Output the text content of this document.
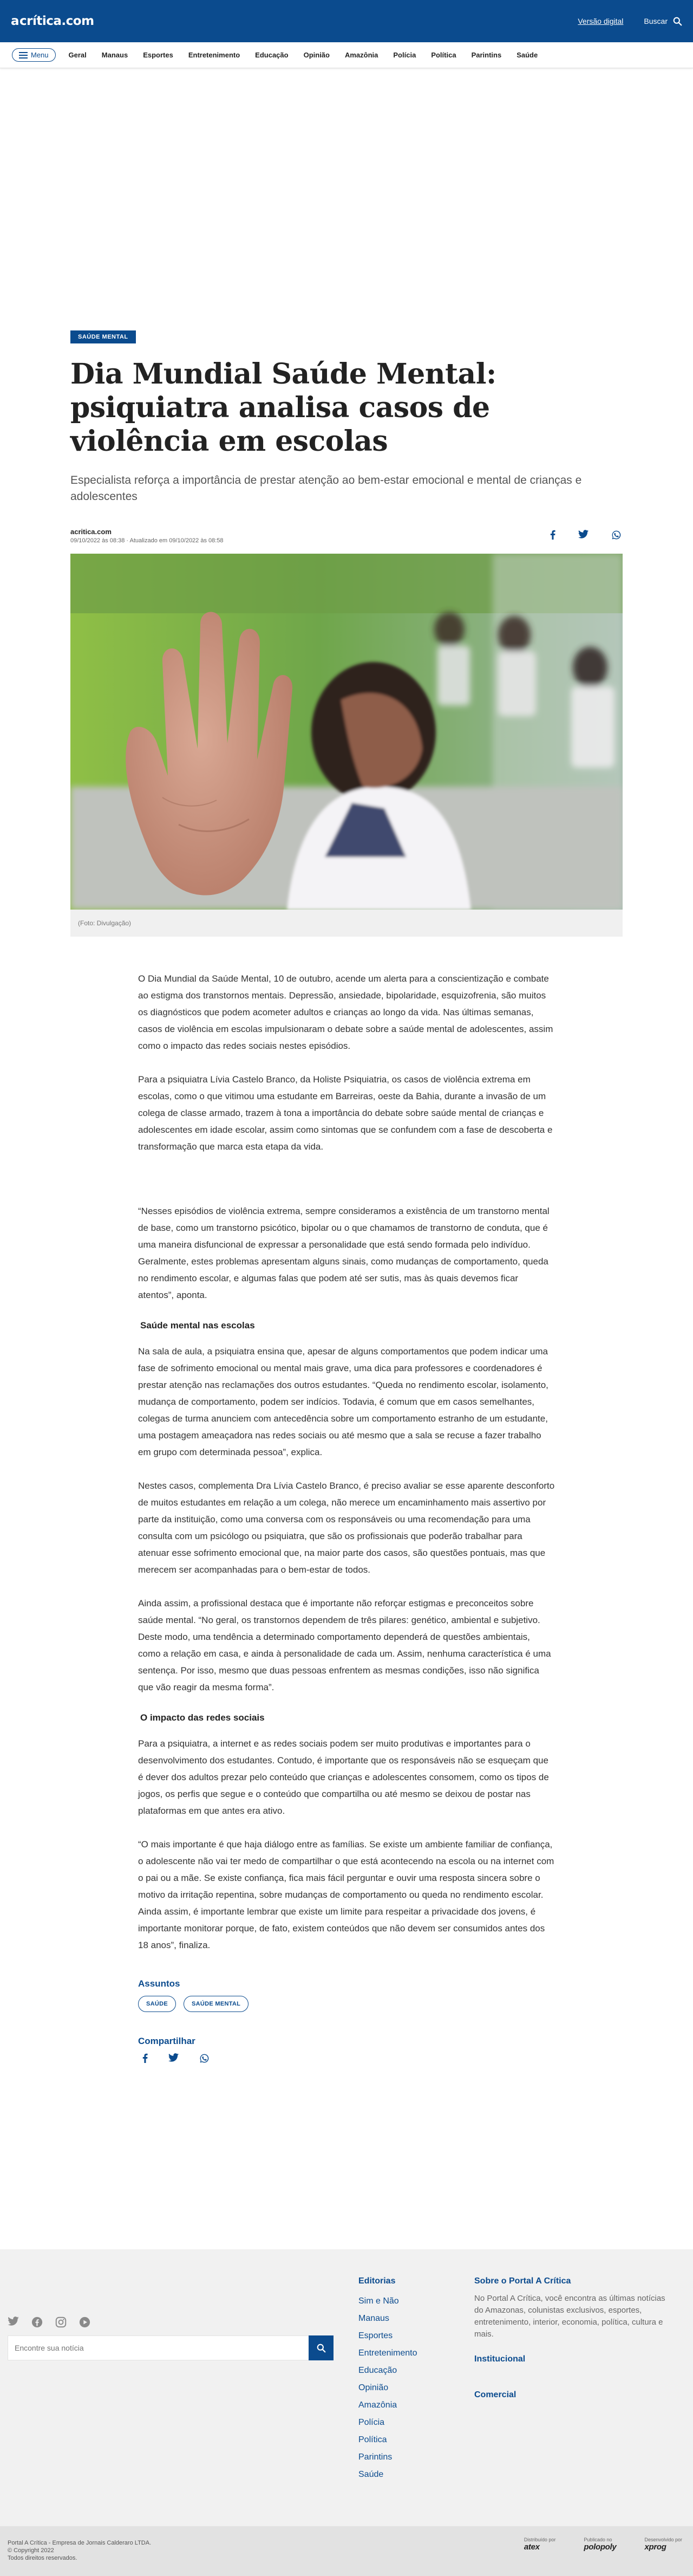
a crítica.com	Versão digital	Buscar
Menu	Geral	Manaus	Esportes	Entretenimento	Educação	Opinião	Amazônia	Polícia	Política	Parintins	Saúde
SAÚDE MENTAL
Dia Mundial Saúde Mental: psiquiatra analisa casos de violência em escolas

Especialista reforça a importância de prestar atenção ao bem-estar emocional e mental de crianças e adolescentes

acritica.com
09/10/2022 às 08:38 · Atualizado em 09/10/2022 às 08:58
(Foto: Divulgação)

O Dia Mundial da Saúde Mental, 10 de outubro, acende um alerta para a conscientização e combate ao estigma dos transtornos mentais. Depressão, ansiedade, bipolaridade, esquizofrenia, são muitos os diagnósticos que podem acometer adultos e crianças ao longo da vida. Nas últimas semanas, casos de violência em escolas impulsionaram o debate sobre a saúde mental de adolescentes, assim como o impacto das redes sociais nestes episódios.

Para a psiquiatra Lívia Castelo Branco, da Holiste Psiquiatria, os casos de violência extrema em escolas, como o que vitimou uma estudante em Barreiras, oeste da Bahia, durante a invasão de um colega de classe armado, trazem à tona a importância do debate sobre saúde mental de crianças e adolescentes em idade escolar, assim como sintomas que se confundem com a fase de descoberta e transformação que marca esta etapa da vida.

“Nesses episódios de violência extrema, sempre consideramos a existência de um transtorno mental de base, como um transtorno psicótico, bipolar ou o que chamamos de transtorno de conduta, que é uma maneira disfuncional de expressar a personalidade que está sendo formada pelo indivíduo. Geralmente, estes problemas apresentam alguns sinais, como mudanças de comportamento, queda no rendimento escolar, e algumas falas que podem até ser sutis, mas às quais devemos ficar atentos”, aponta.

Saúde mental nas escolas

Na sala de aula, a psiquiatra ensina que, apesar de alguns comportamentos que podem indicar uma fase de sofrimento emocional ou mental mais grave, uma dica para professores e coordenadores é prestar atenção nas reclamações dos outros estudantes. “Queda no rendimento escolar, isolamento, mudança de comportamento, podem ser indícios. Todavia, é comum que em casos semelhantes, colegas de turma anunciem com antecedência sobre um comportamento estranho de um estudante, uma postagem ameaçadora nas redes sociais ou até mesmo que a sala se recuse a fazer trabalho em grupo com determinada pessoa”, explica.

Nestes casos, complementa Dra Lívia Castelo Branco, é preciso avaliar se esse aparente desconforto de muitos estudantes em relação a um colega, não merece um encaminhamento mais assertivo por parte da instituição, como uma conversa com os responsáveis ou uma recomendação para uma consulta com um psicólogo ou psiquiatra, que são os profissionais que poderão trabalhar para atenuar esse sofrimento emocional que, na maior parte dos casos, são questões pontuais, mas que merecem ser acompanhadas para o bem-estar de todos.

Ainda assim, a profissional destaca que é importante não reforçar estigmas e preconceitos sobre saúde mental. “No geral, os transtornos dependem de três pilares: genético, ambiental e subjetivo. Deste modo, uma tendência a determinado comportamento dependerá de questões ambientais, como a relação em casa, e ainda à personalidade de cada um. Assim, nenhuma característica é uma sentença. Por isso, mesmo que duas pessoas enfrentem as mesmas condições, isso não significa que vão reagir da mesma forma”.

O impacto das redes sociais

Para a psiquiatra, a internet e as redes sociais podem ser muito produtivas e importantes para o desenvolvimento dos estudantes. Contudo, é importante que os responsáveis não se esqueçam que é dever dos adultos prezar pelo conteúdo que crianças e adolescentes consomem, como os tipos de jogos, os perfis que segue e o conteúdo que compartilha ou até mesmo se deixou de postar nas plataformas em que antes era ativo.

“O mais importante é que haja diálogo entre as famílias. Se existe um ambiente familiar de confiança, o adolescente não vai ter medo de compartilhar o que está acontecendo na escola ou na internet com o pai ou a mãe. Se existe confiança, fica mais fácil perguntar e ouvir uma resposta sincera sobre o motivo da irritação repentina, sobre mudanças de comportamento ou queda no rendimento escolar. Ainda assim, é importante lembrar que existe um limite para respeitar a privacidade dos jovens, é importante monitorar porque, de fato, existem conteúdos que não devem ser consumidos antes dos 18 anos”, finaliza.

Assuntos
SAÚDE	SAÚDE MENTAL
Compartilhar
Encontre sua notícia
Editorias
Sim e Não
Manaus
Esportes
Entretenimento
Educação
Opinião
Amazônia
Polícia
Política
Parintins
Saúde
Sobre o Portal A Crítica

No Portal A Crítica, você encontra as últimas notícias do Amazonas, colunistas exclusivos, esportes, entretenimento, interior, economia, política, cultura e mais.

Institucional
Comercial
Portal A Crítica - Empresa de Jornais Calderaro LTDA.
© Copyright 2022
Todos direitos reservados.
Distribuído por
atex
Publicado no
polopoly
Desenvolvido por
xprog
